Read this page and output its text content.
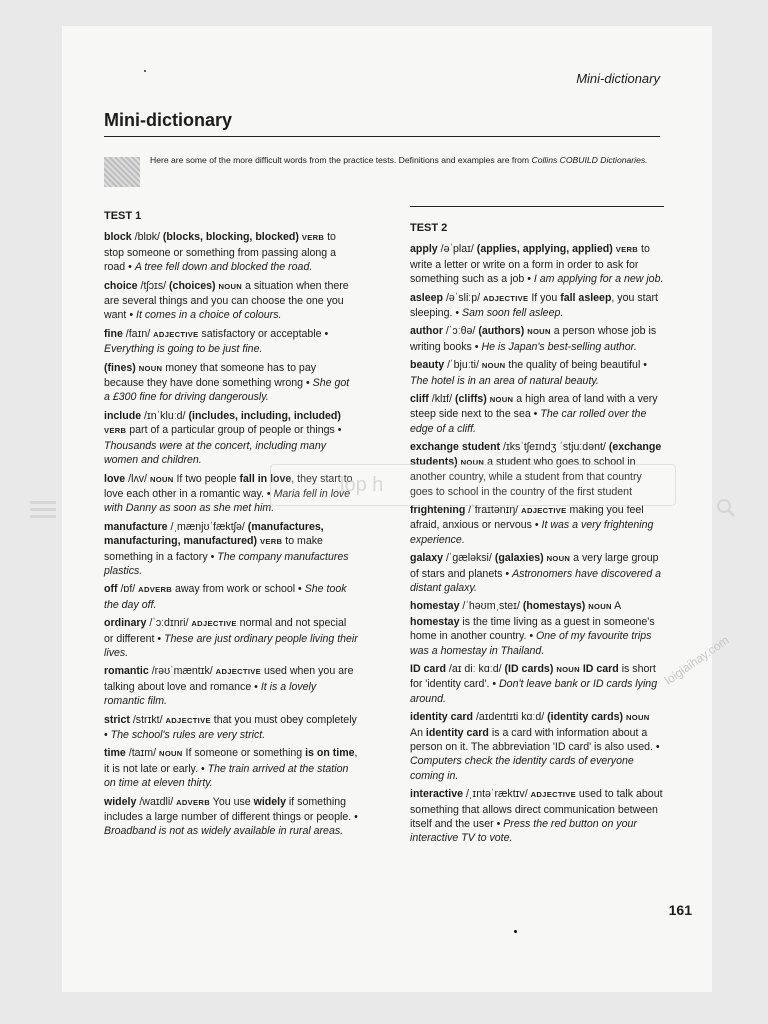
Mini-dictionary
Mini-dictionary
Here are some of the more difficult words from the practice tests. Definitions and examples are from Collins COBUILD Dictionaries.
TEST 1
block /blɒk/ (blocks, blocking, blocked) VERB to stop someone or something from passing along a road • A tree fell down and blocked the road.
choice /tʃɔɪs/ (choices) NOUN a situation when there are several things and you can choose the one you want • It comes in a choice of colours.
fine /faɪn/ ADJECTIVE satisfactory or acceptable • Everything is going to be just fine.
(fines) NOUN money that someone has to pay because they have done something wrong • She got a £300 fine for driving dangerously.
include /ɪnˈkluːd/ (includes, including, included) VERB part of a particular group of people or things • Thousands were at the concert, including many women and children.
love /lʌv/ NOUN If two people fall in love, they start to love each other in a romantic way. • Maria fell in love with Danny as soon as she met him.
manufacture /ˌmænjʊˈfæktʃə/ (manufactures, manufacturing, manufactured) VERB to make something in a factory • The company manufactures plastics.
off /ɒf/ ADVERB away from work or school • She took the day off.
ordinary /ˈɔːdɪnri/ ADJECTIVE normal and not special or different • These are just ordinary people living their lives.
romantic /rəʊˈmæntɪk/ ADJECTIVE used when you are talking about love and romance • It is a lovely romantic film.
strict /strɪkt/ ADJECTIVE that you must obey completely • The school's rules are very strict.
time /taɪm/ NOUN If someone or something is on time, it is not late or early. • The train arrived at the station on time at eleven thirty.
widely /waɪdli/ ADVERB You use widely if something includes a large number of different things or people. • Broadband is not as widely available in rural areas.
TEST 2
apply /əˈplaɪ/ (applies, applying, applied) VERB to write a letter or write on a form in order to ask for something such as a job • I am applying for a new job.
asleep /əˈsliːp/ ADJECTIVE If you fall asleep, you start sleeping. • Sam soon fell asleep.
author /ˈɔːθə/ (authors) NOUN a person whose job is writing books • He is Japan's best-selling author.
beauty /ˈbjuːti/ NOUN the quality of being beautiful • The hotel is in an area of natural beauty.
cliff /klɪf/ (cliffs) NOUN a high area of land with a very steep side next to the sea • The car rolled over the edge of a cliff.
exchange student /ɪksˈtʃeɪndʒ ˈstjuːdənt/ (exchange students) NOUN a student who goes to school in another country, while a student from that country goes to school in the country of the first student
frightening /ˈfraɪtənɪŋ/ ADJECTIVE making you feel afraid, anxious or nervous • It was a very frightening experience.
galaxy /ˈgæləksi/ (galaxies) NOUN a very large group of stars and planets • Astronomers have discovered a distant galaxy.
homestay /ˈhəʊmˌsteɪ/ (homestays) NOUN A homestay is the time living as a guest in someone's home in another country. • One of my favourite trips was a homestay in Thailand.
ID card /aɪ diː kɑːd/ (ID cards) NOUN ID card is short for 'identity card'. • Don't leave bank or ID cards lying around.
identity card /aɪdentɪti kɑːd/ (identity cards) NOUN An identity card is a card with information about a person on it. The abbreviation 'ID card' is also used. • Computers check the identity cards of everyone coming in.
interactive /ˌɪntəˈræktɪv/ ADJECTIVE used to talk about something that allows direct communication between itself and the user • Press the red button on your interactive TV to vote.
161
loigiaihay.com
lop h
